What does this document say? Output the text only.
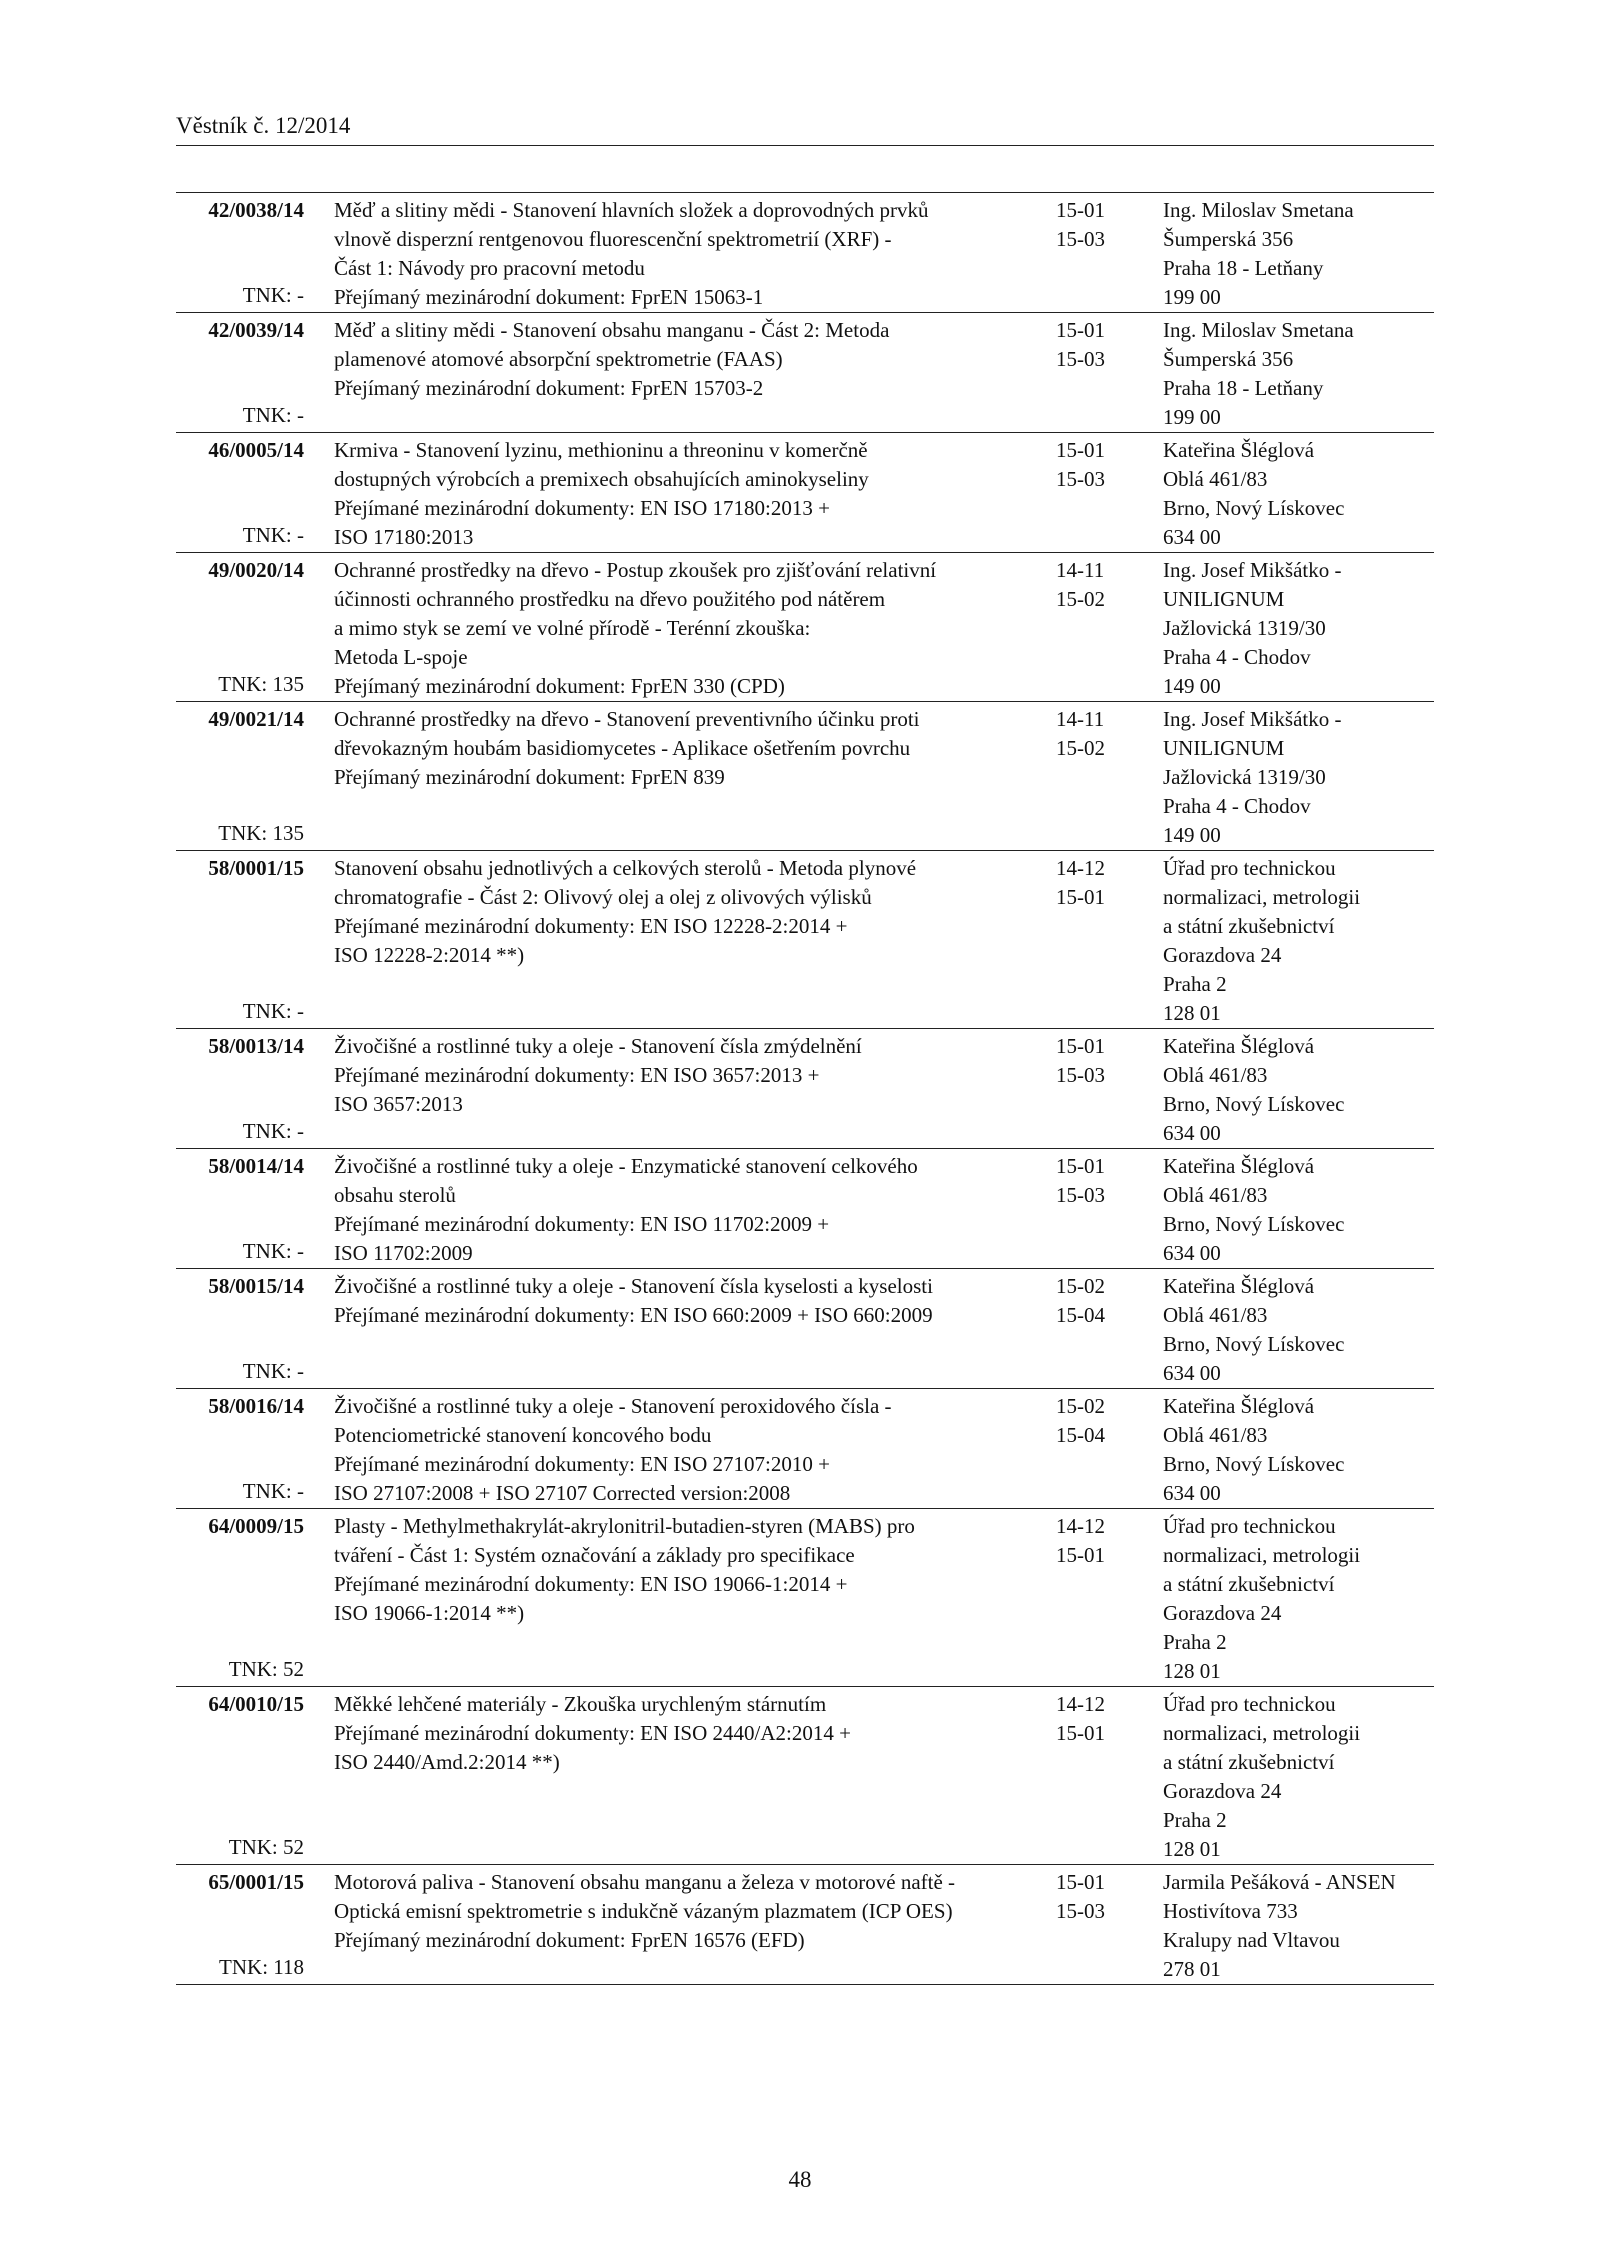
Věstník č. 12/2014
42/0038/14
TNK: -
Měď a slitiny mědi - Stanovení hlavních složek a doprovodných prvků
vlnově disperzní rentgenovou fluorescenční spektrometrií (XRF) -
Část 1: Návody pro pracovní metodu
Přejímaný mezinárodní dokument: FprEN 15063-1
15-01
15-03
Ing. Miloslav Smetana
Šumperská 356
Praha 18 - Letňany
199 00
42/0039/14
TNK: -
Měď a slitiny mědi - Stanovení obsahu manganu - Část 2: Metoda
plamenové atomové absorpční spektrometrie (FAAS)
Přejímaný mezinárodní dokument: FprEN 15703-2
15-01
15-03
Ing. Miloslav Smetana
Šumperská 356
Praha 18 - Letňany
199 00
46/0005/14
TNK: -
Krmiva - Stanovení lyzinu, methioninu a threoninu v komerčně
dostupných výrobcích a premixech obsahujících aminokyseliny
Přejímané mezinárodní dokumenty: EN ISO 17180:2013 +
ISO 17180:2013
15-01
15-03
Kateřina Šléglová
Oblá 461/83
Brno, Nový Lískovec
634 00
49/0020/14
TNK: 135
Ochranné prostředky na dřevo - Postup zkoušek pro zjišťování relativní
účinnosti ochranného prostředku na dřevo použitého pod nátěrem
a mimo styk se zemí ve volné přírodě - Terénní zkouška:
Metoda L-spoje
Přejímaný mezinárodní dokument: FprEN 330 (CPD)
14-11
15-02
Ing. Josef Mikšátko -
UNILIGNUM
Jažlovická 1319/30
Praha 4 - Chodov
149 00
49/0021/14
TNK: 135
Ochranné prostředky na dřevo - Stanovení preventivního účinku proti
dřevokazným houbám basidiomycetes - Aplikace ošetřením povrchu
Přejímaný mezinárodní dokument: FprEN 839
14-11
15-02
Ing. Josef Mikšátko -
UNILIGNUM
Jažlovická 1319/30
Praha 4 - Chodov
149 00
58/0001/15
TNK: -
Stanovení obsahu jednotlivých a celkových sterolů - Metoda plynové
chromatografie - Část 2: Olivový olej a olej z olivových výlisků
Přejímané mezinárodní dokumenty: EN ISO 12228-2:2014 +
ISO 12228-2:2014 **)
14-12
15-01
Úřad pro technickou
normalizaci, metrologii
a státní zkušebnictví
Gorazdova 24
Praha 2
128 01
58/0013/14
TNK: -
Živočišné a rostlinné tuky a oleje - Stanovení čísla zmýdelnění
Přejímané mezinárodní dokumenty: EN ISO 3657:2013 +
ISO 3657:2013
15-01
15-03
Kateřina Šléglová
Oblá 461/83
Brno, Nový Lískovec
634 00
58/0014/14
TNK: -
Živočišné a rostlinné tuky a oleje - Enzymatické stanovení celkového
obsahu sterolů
Přejímané mezinárodní dokumenty: EN ISO 11702:2009 +
ISO 11702:2009
15-01
15-03
Kateřina Šléglová
Oblá 461/83
Brno, Nový Lískovec
634 00
58/0015/14
TNK: -
Živočišné a rostlinné tuky a oleje - Stanovení čísla kyselosti a kyselosti
Přejímané mezinárodní dokumenty: EN ISO 660:2009 + ISO 660:2009
15-02
15-04
Kateřina Šléglová
Oblá 461/83
Brno, Nový Lískovec
634 00
58/0016/14
TNK: -
Živočišné a rostlinné tuky a oleje - Stanovení peroxidového čísla -
Potenciometrické stanovení koncového bodu
Přejímané mezinárodní dokumenty: EN ISO 27107:2010 +
ISO 27107:2008 + ISO 27107 Corrected version:2008
15-02
15-04
Kateřina Šléglová
Oblá 461/83
Brno, Nový Lískovec
634 00
64/0009/15
TNK: 52
Plasty - Methylmethakrylát-akrylonitril-butadien-styren (MABS) pro
tváření - Část 1: Systém označování a základy pro specifikace
Přejímané mezinárodní dokumenty: EN ISO 19066-1:2014 +
ISO 19066-1:2014 **)
14-12
15-01
Úřad pro technickou
normalizaci, metrologii
a státní zkušebnictví
Gorazdova 24
Praha 2
128 01
64/0010/15
TNK: 52
Měkké lehčené materiály - Zkouška urychleným stárnutím
Přejímané mezinárodní dokumenty: EN ISO 2440/A2:2014 +
ISO 2440/Amd.2:2014 **)
14-12
15-01
Úřad pro technickou
normalizaci, metrologii
a státní zkušebnictví
Gorazdova 24
Praha 2
128 01
65/0001/15
TNK: 118
Motorová paliva - Stanovení obsahu manganu a železa v motorové naftě -
Optická emisní spektrometrie s indukčně vázaným plazmatem (ICP OES)
Přejímaný mezinárodní dokument: FprEN 16576 (EFD)
15-01
15-03
Jarmila Pešáková - ANSEN
Hostivítova 733
Kralupy nad Vltavou
278 01
48
